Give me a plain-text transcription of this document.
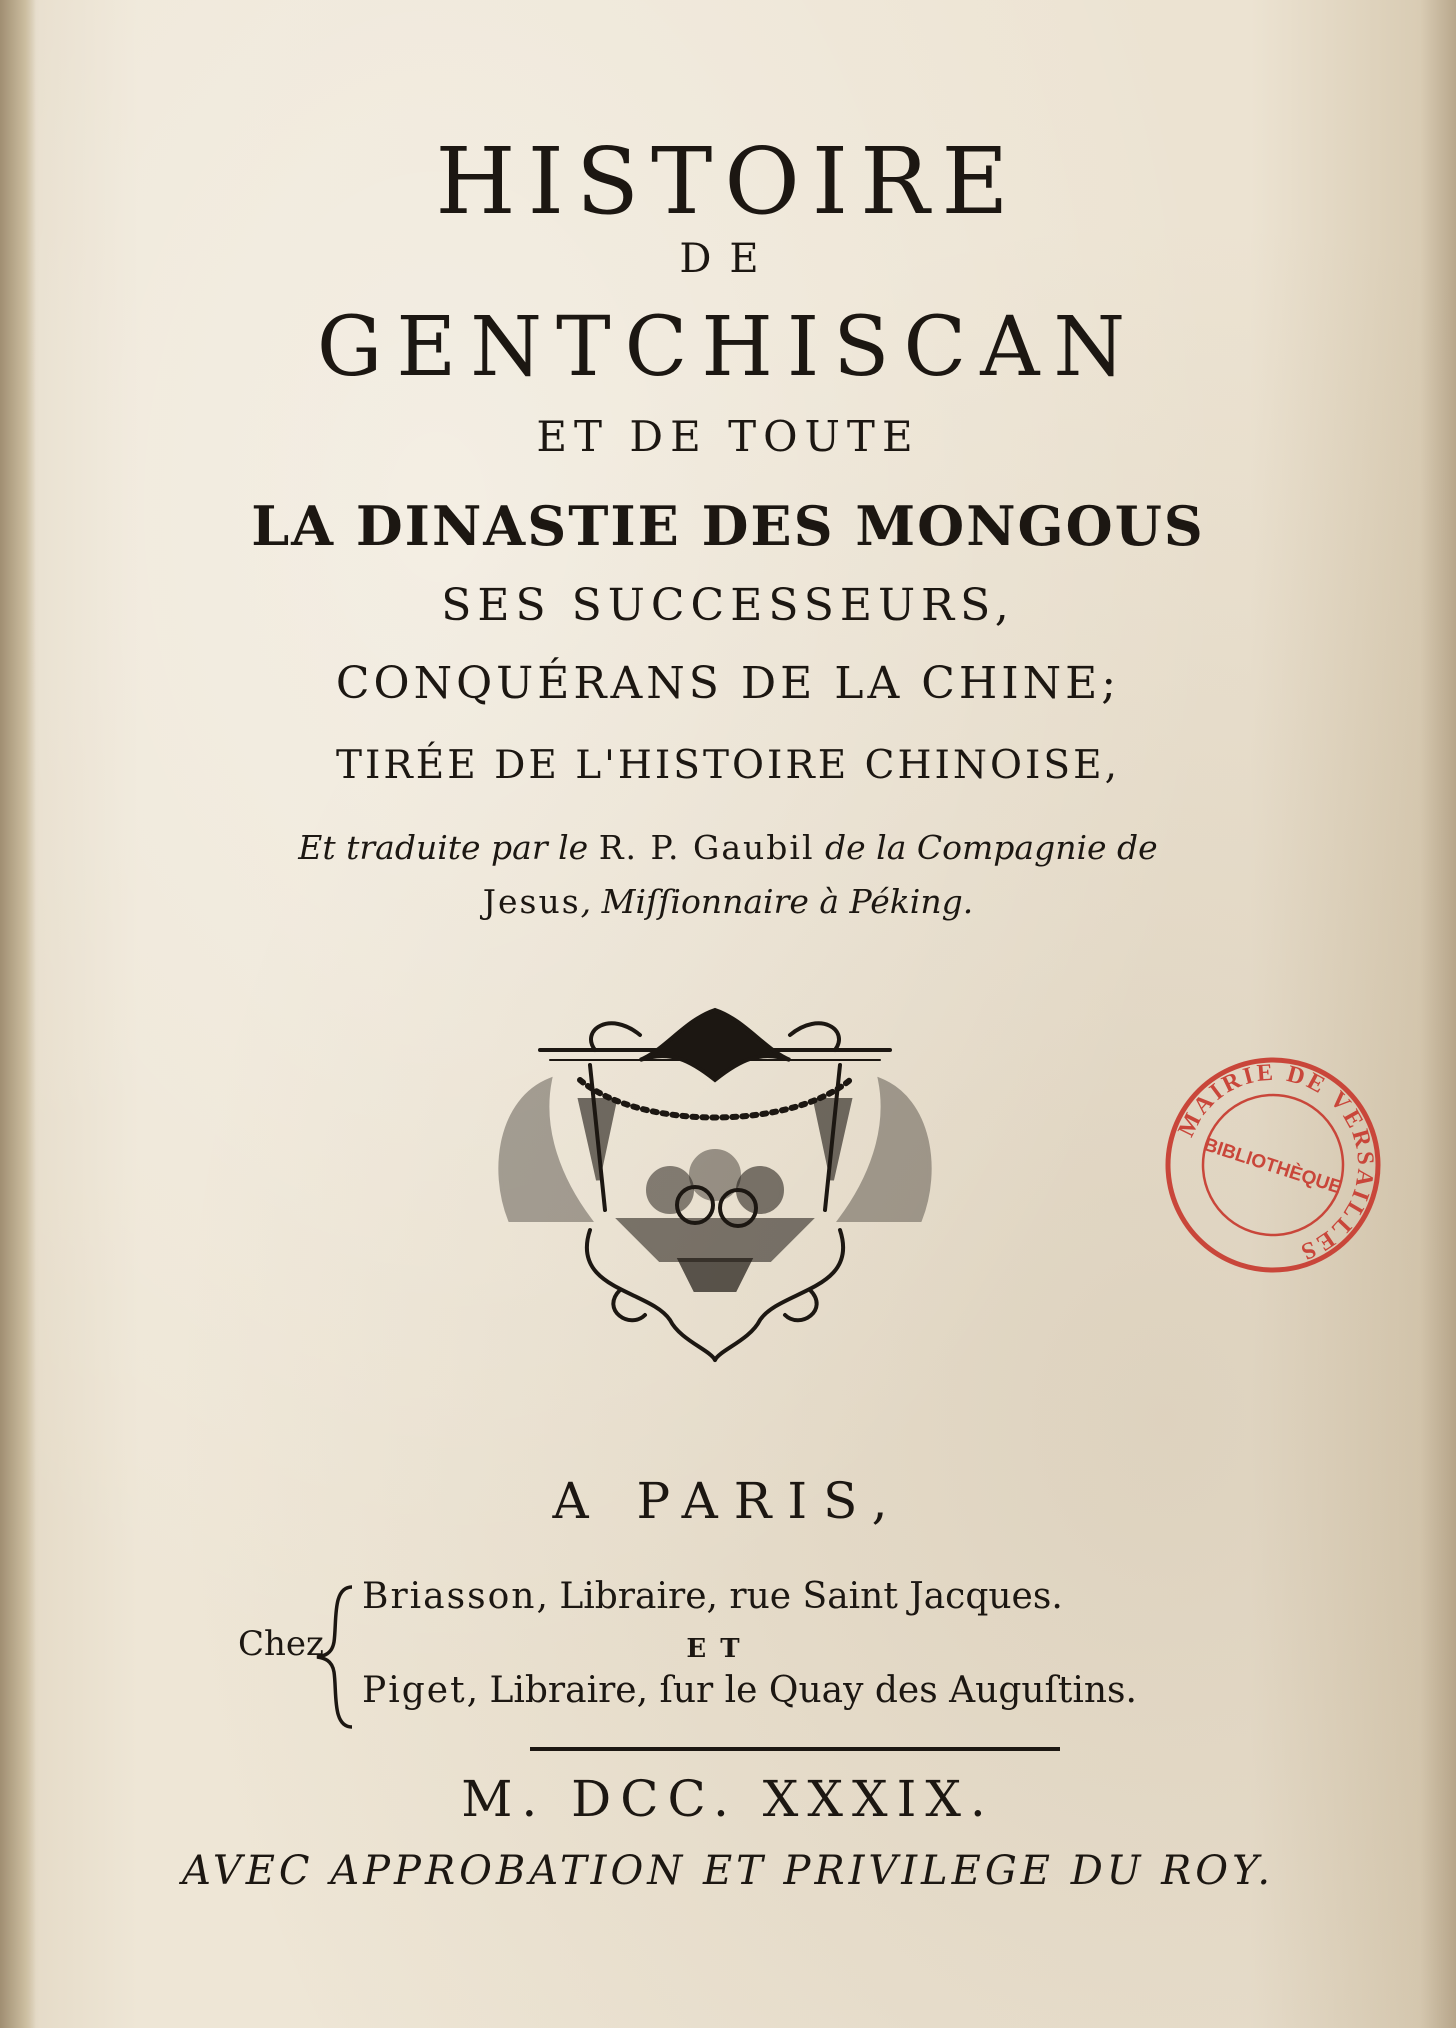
HISTOIRE

DE

GENTCHISCAN

ET DE TOUTE

LA DINASTIE DES MONGOUS

SES SUCCESSEURS,

CONQUÉRANS DE LA CHINE;

TIRÉE DE L'HISTOIRE CHINOISE,

Et traduite par le R. P. Gaubil de la Compagnie de

Jesus, Miſſionnaire à Péking.

MAIRIE DE VERSAILLES
BIBLIOTHÈQUE

A PARIS,

Chez
Briasson, Libraire, rue Saint Jacques.

ET

Piget, Libraire, ſur le Quay des Auguſtins.

M. DCC. XXXIX.

AVEC APPROBATION ET PRIVILEGE DU ROY.
